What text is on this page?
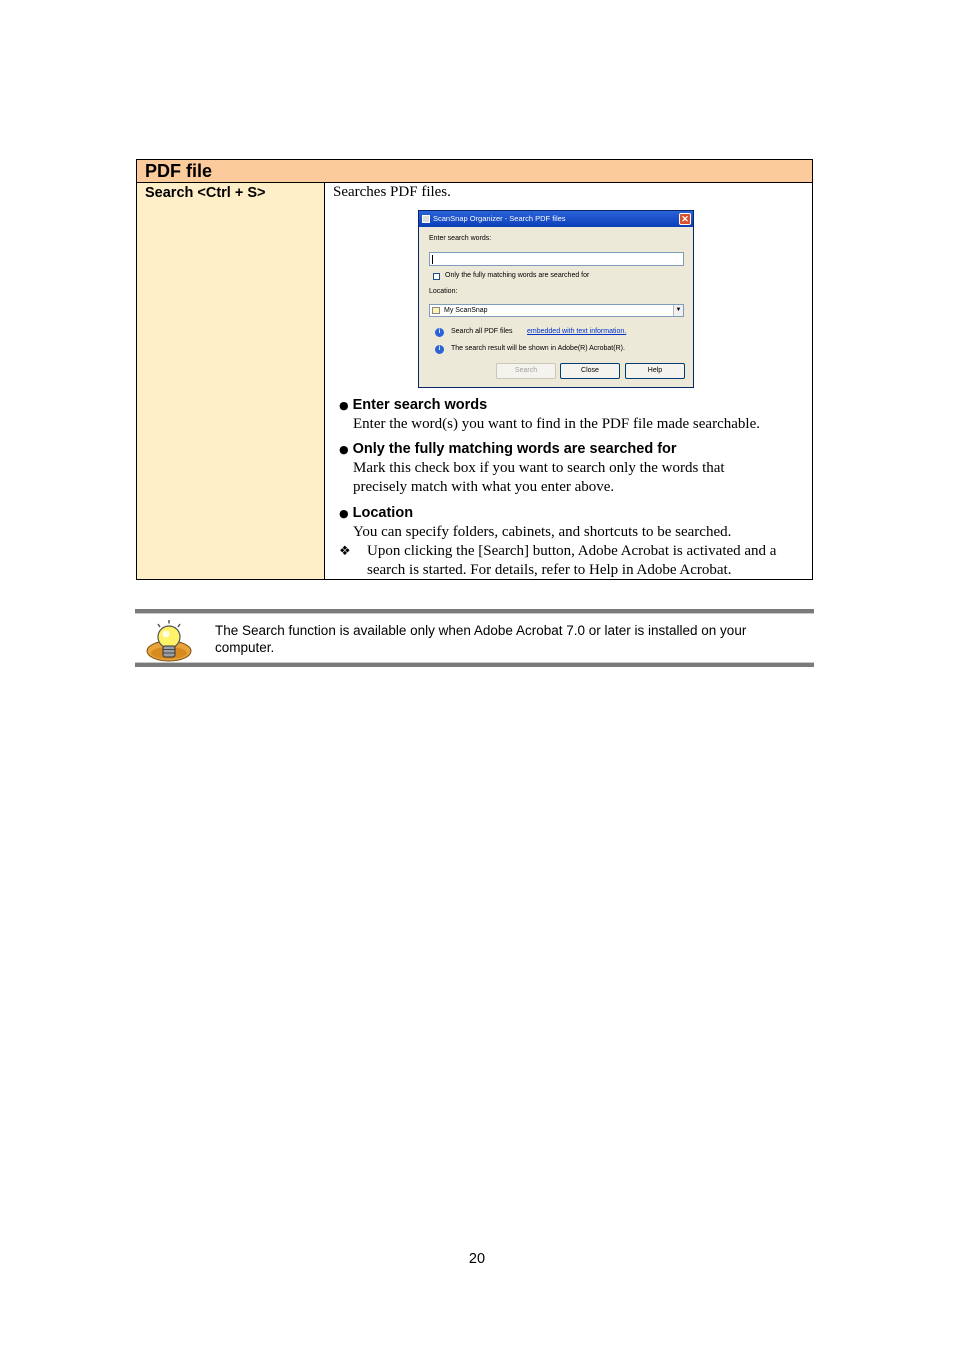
PDF file
Search <Ctrl + S>	Searches PDF files.
ScanSnap Organizer - Search PDF files	✕
Enter search words:
Only the fully matching words are searched for
Location:
My ScanSnap	▼
i	Search all PDF files embedded with text information.
i	The search result will be shown in Adobe(R) Acrobat(R).
Search	Close	Help
● Enter search words
Enter the word(s) you want to find in the PDF file made searchable.
● Only the fully matching words are searched for
Mark this check box if you want to search only the words that
precisely match with what you enter above.
● Location
You can specify folders, cabinets, and shortcuts to be searched.
❖	Upon clicking the [Search] button, Adobe Acrobat is activated and a
search is started. For details, refer to Help in Adobe Acrobat.
The Search function is available only when Adobe Acrobat 7.0 or later is installed on your computer.
20
